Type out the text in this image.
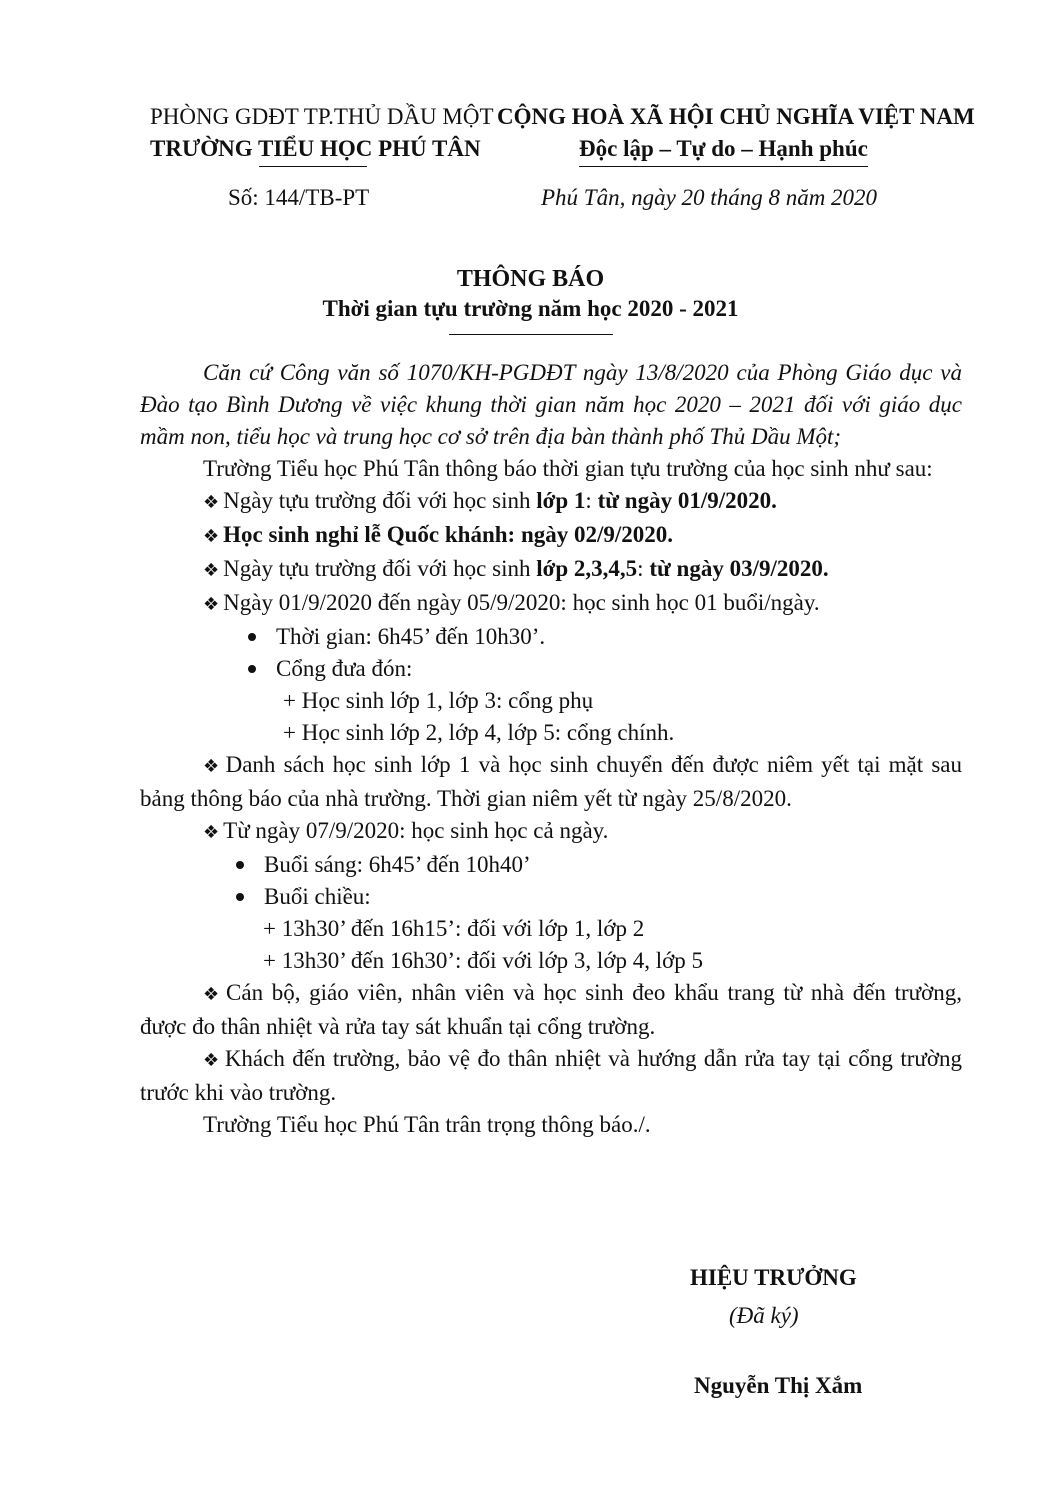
PHÒNG GDĐT TP.THỦ DẦU MỘT
TRƯỜNG TIỂU HỌC PHÚ TÂN
CỘNG HOÀ XÃ HỘI CHỦ NGHĨA VIỆT NAM
Độc lập – Tự do – Hạnh phúc
Số: 144/TB-PT	Phú Tân, ngày 20 tháng 8 năm 2020
THÔNG BÁO
Thời gian tựu trường năm học 2020 - 2021

Căn cứ Công văn số 1070/KH-PGDĐT ngày 13/8/2020 của Phòng Giáo dục và Đào tạo Bình Dương về việc khung thời gian năm học 2020 – 2021 đối với giáo dục mầm non, tiểu học và trung học cơ sở trên địa bàn thành phố Thủ Dầu Một;

Trường Tiểu học Phú Tân thông báo thời gian tựu trường của học sinh như sau:

❖ Ngày tựu trường đối với học sinh lớp 1: từ ngày 01/9/2020.

❖ Học sinh nghỉ lễ Quốc khánh: ngày 02/9/2020.

❖ Ngày tựu trường đối với học sinh lớp 2,3,4,5: từ ngày 03/9/2020.

❖ Ngày 01/9/2020 đến ngày 05/9/2020: học sinh học 01 buổi/ngày.

Thời gian: 6h45’ đến 10h30’.

Cổng đưa đón:

+ Học sinh lớp 1, lớp 3: cổng phụ

+ Học sinh lớp 2, lớp 4, lớp 5: cổng chính.

❖ Danh sách học sinh lớp 1 và học sinh chuyển đến được niêm yết tại mặt sau bảng thông báo của nhà trường. Thời gian niêm yết từ ngày 25/8/2020.

❖ Từ ngày 07/9/2020: học sinh học cả ngày.

Buổi sáng: 6h45’ đến 10h40’

Buổi chiều:

+ 13h30’ đến 16h15’: đối với lớp 1, lớp 2

+ 13h30’ đến 16h30’: đối với lớp 3, lớp 4, lớp 5

❖ Cán bộ, giáo viên, nhân viên và học sinh đeo khẩu trang từ nhà đến trường, được đo thân nhiệt và rửa tay sát khuẩn tại cổng trường.

❖ Khách đến trường, bảo vệ đo thân nhiệt và hướng dẫn rửa tay tại cổng trường trước khi vào trường.

Trường Tiểu học Phú Tân trân trọng thông báo./.

HIỆU TRƯỞNG
(Đã ký)
Nguyễn Thị Xắm
